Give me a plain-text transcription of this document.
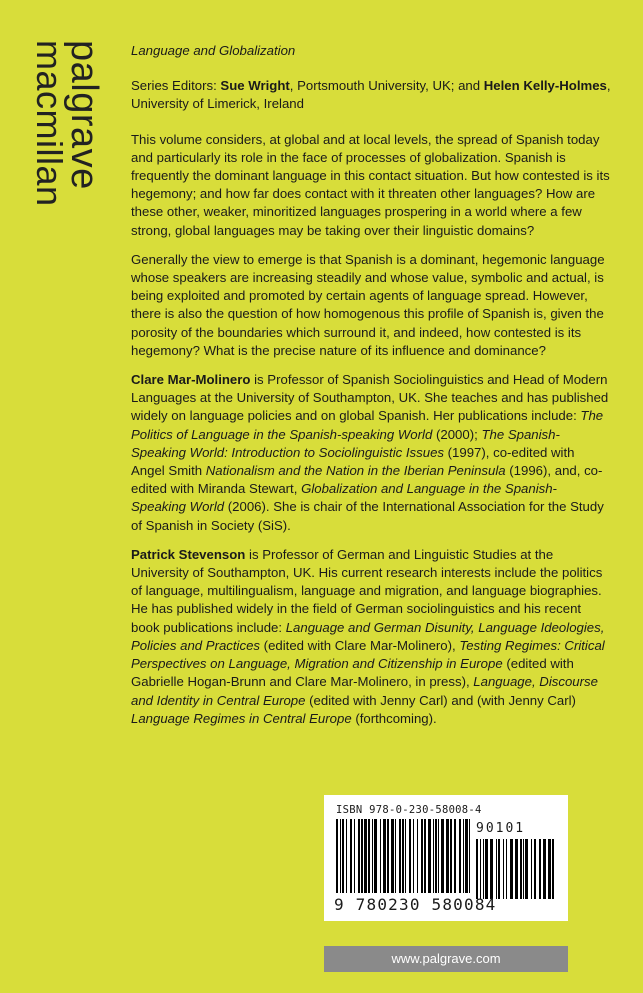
palgrave
macmillan	Language and Globalization

Series Editors: Sue Wright, Portsmouth University, UK; and Helen Kelly-Holmes, University of Limerick, Ireland

This volume considers, at global and at local levels, the spread of Spanish today and particularly its role in the face of processes of globalization. Spanish is frequently the dominant language in this contact situation. But how contested is its hegemony; and how far does contact with it threaten other languages? How are these other, weaker, minoritized languages prospering in a world where a few strong, global languages may be taking over their linguistic domains?

Generally the view to emerge is that Spanish is a dominant, hegemonic language whose speakers are increasing steadily and whose value, symbolic and actual, is being exploited and promoted by certain agents of language spread. However, there is also the question of how homogenous this profile of Spanish is, given the porosity of the boundaries which surround it, and indeed, how contested is its hegemony? What is the precise nature of its influence and dominance?

Clare Mar-Molinero is Professor of Spanish Sociolinguistics and Head of Modern Languages at the University of Southampton, UK. She teaches and has published widely on language policies and on global Spanish. Her publications include: The Politics of Language in the Spanish-speaking World (2000); The Spanish-Speaking World: Introduction to Sociolinguistic Issues (1997), co-edited with Angel Smith Nationalism and the Nation in the Iberian Peninsula (1996), and, co-edited with Miranda Stewart, Globalization and Language in the Spanish-Speaking World (2006). She is chair of the International Association for the Study of Spanish in Society (SiS).

Patrick Stevenson is Professor of German and Linguistic Studies at the University of Southampton, UK. His current research interests include the politics of language, multilingualism, language and migration, and language biographies. He has published widely in the field of German sociolinguistics and his recent book publications include: Language and German Disunity, Language Ideologies, Policies and Practices (edited with Clare Mar-Molinero), Testing Regimes: Critical Perspectives on Language, Migration and Citizenship in Europe (edited with Gabrielle Hogan-Brunn and Clare Mar-Molinero, in press), Language, Discourse and Identity in Central Europe (edited with Jenny Carl) and (with Jenny Carl) Language Regimes in Central Europe (forthcoming).

ISBN 978-0-230-58008-4
90101
9 780230 580084
www.palgrave.com
